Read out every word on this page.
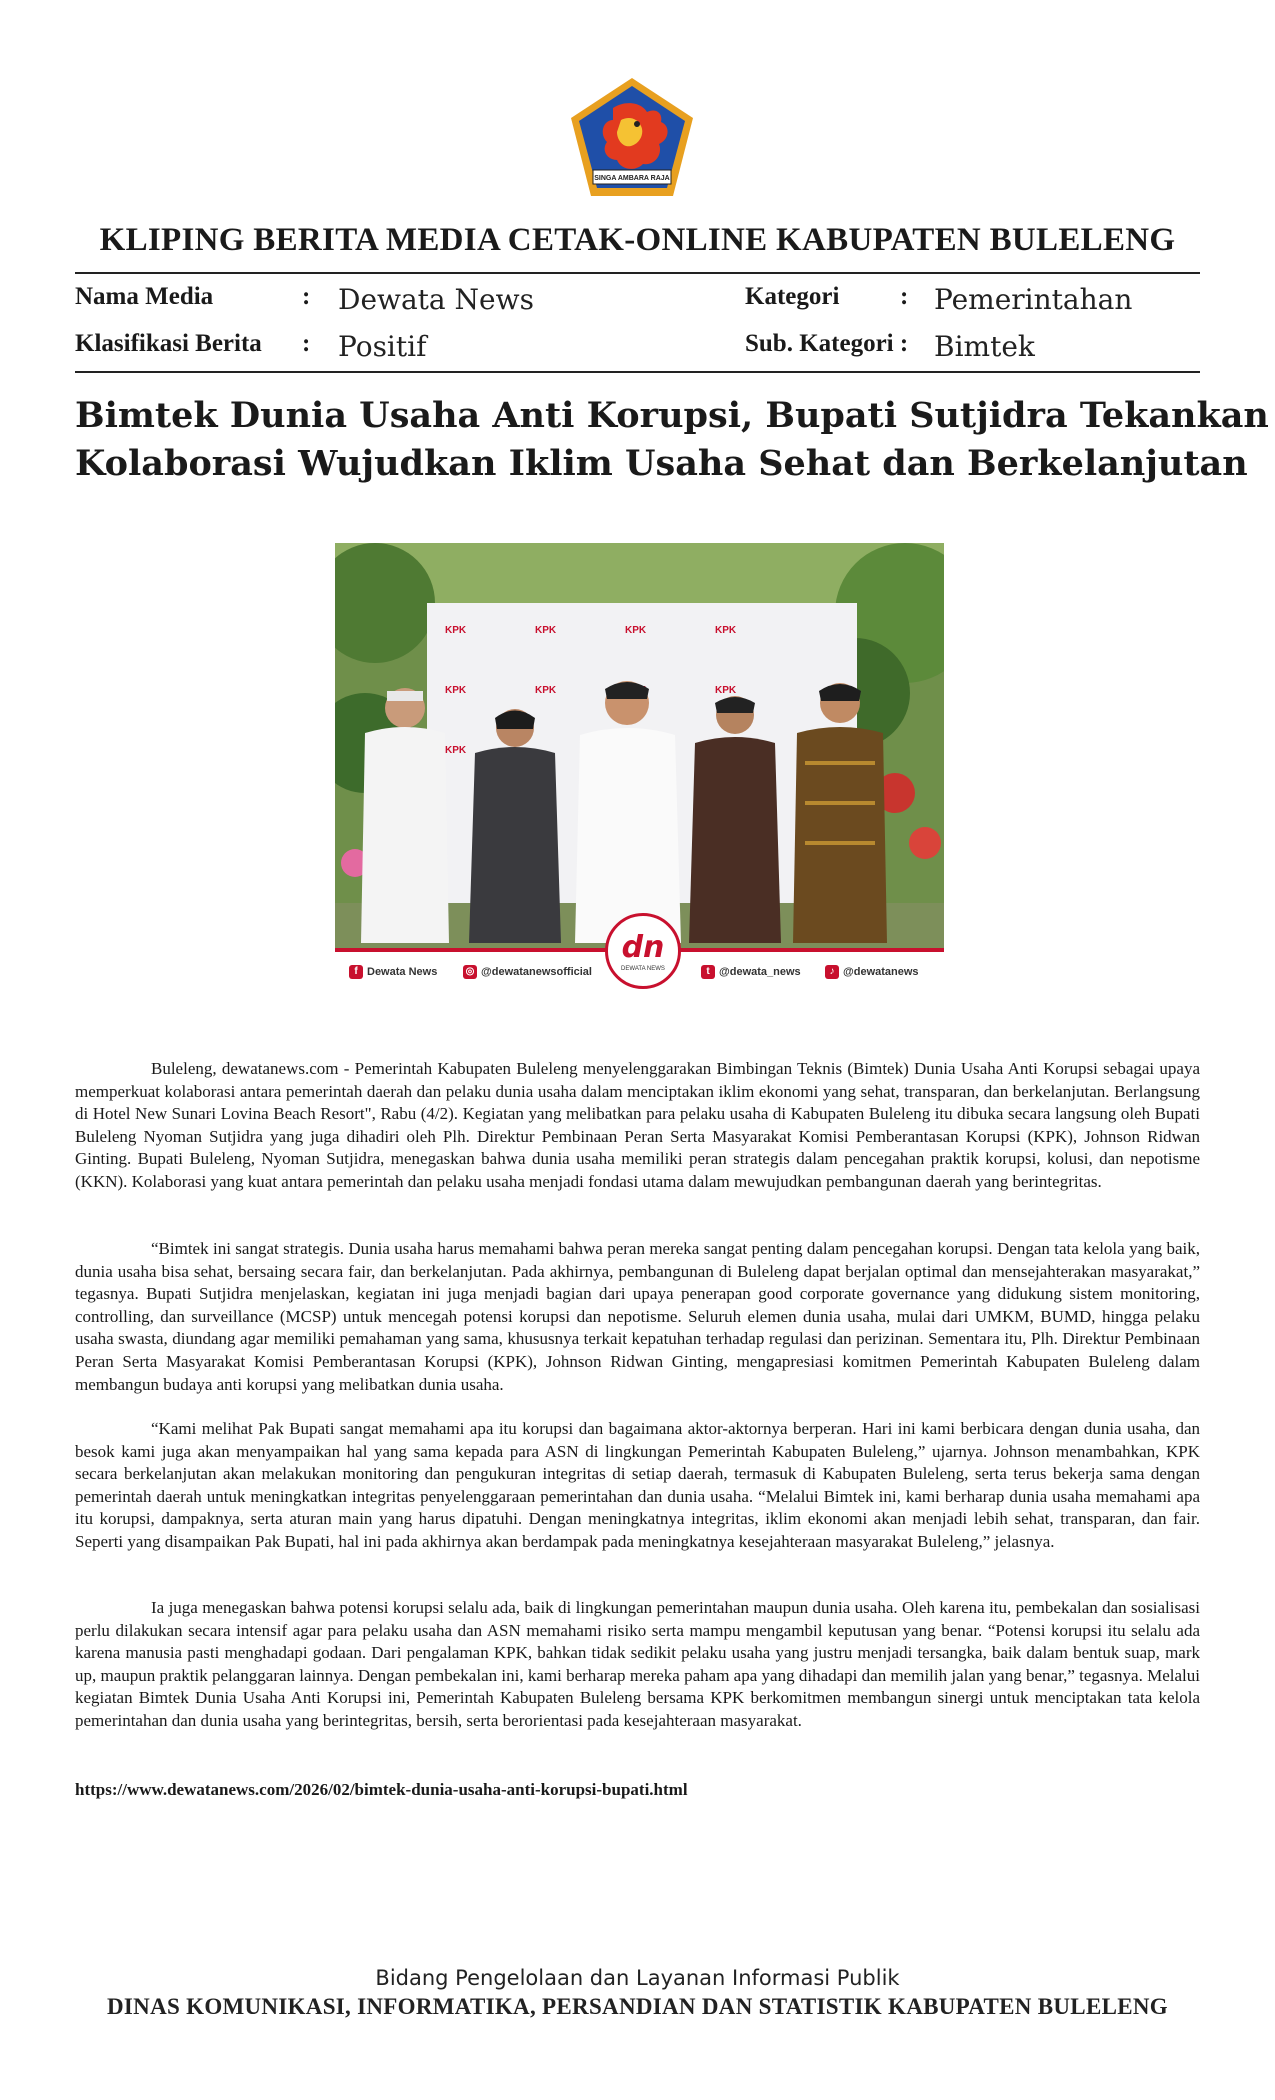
SINGA AMBARA RAJA
KLIPING BERITA MEDIA CETAK-ONLINE KABUPATEN BULELENG
Nama Media	: Dewata News
Klasifikasi Berita : Positif
Kategori : Pemerintahan
Sub. Kategori : Bimtek
Bimtek Dunia Usaha Anti Korupsi, Bupati Sutjidra Tekankan
Kolaborasi Wujudkan Iklim Usaha Sehat dan Berkelanjutan
KPK	KPK	KPK	KPK
KPK	KPK	KPK
KPK
f Dewata News	◎ @dewatanewsofficial	t @dewata_news	♪ @dewatanews
dn
DEWATA NEWS

Buleleng, dewatanews.com - Pemerintah Kabupaten Buleleng menyelenggarakan Bimbingan Teknis (Bimtek) Dunia Usaha Anti Korupsi sebagai upaya memperkuat kolaborasi antara pemerintah daerah dan pelaku dunia usaha dalam menciptakan iklim ekonomi yang sehat, transparan, dan berkelanjutan. Berlangsung di Hotel New Sunari Lovina Beach Resort", Rabu (4/2). Kegiatan yang melibatkan para pelaku usaha di Kabupaten Buleleng itu dibuka secara langsung oleh Bupati Buleleng Nyoman Sutjidra yang juga dihadiri oleh Plh. Direktur Pembinaan Peran Serta Masyarakat Komisi Pemberantasan Korupsi (KPK), Johnson Ridwan Ginting. Bupati Buleleng, Nyoman Sutjidra, menegaskan bahwa dunia usaha memiliki peran strategis dalam pencegahan praktik korupsi, kolusi, dan nepotisme (KKN). Kolaborasi yang kuat antara pemerintah dan pelaku usaha menjadi fondasi utama dalam mewujudkan pembangunan daerah yang berintegritas.

“Bimtek ini sangat strategis. Dunia usaha harus memahami bahwa peran mereka sangat penting dalam pencegahan korupsi. Dengan tata kelola yang baik, dunia usaha bisa sehat, bersaing secara fair, dan berkelanjutan. Pada akhirnya, pembangunan di Buleleng dapat berjalan optimal dan mensejahterakan masyarakat,” tegasnya. Bupati Sutjidra menjelaskan, kegiatan ini juga menjadi bagian dari upaya penerapan good corporate governance yang didukung sistem monitoring, controlling, dan surveillance (MCSP) untuk mencegah potensi korupsi dan nepotisme. Seluruh elemen dunia usaha, mulai dari UMKM, BUMD, hingga pelaku usaha swasta, diundang agar memiliki pemahaman yang sama, khususnya terkait kepatuhan terhadap regulasi dan perizinan. Sementara itu, Plh. Direktur Pembinaan Peran Serta Masyarakat Komisi Pemberantasan Korupsi (KPK), Johnson Ridwan Ginting, mengapresiasi komitmen Pemerintah Kabupaten Buleleng dalam membangun budaya anti korupsi yang melibatkan dunia usaha.

“Kami melihat Pak Bupati sangat memahami apa itu korupsi dan bagaimana aktor-aktornya berperan. Hari ini kami berbicara dengan dunia usaha, dan besok kami juga akan menyampaikan hal yang sama kepada para ASN di lingkungan Pemerintah Kabupaten Buleleng,” ujarnya. Johnson menambahkan, KPK secara berkelanjutan akan melakukan monitoring dan pengukuran integritas di setiap daerah, termasuk di Kabupaten Buleleng, serta terus bekerja sama dengan pemerintah daerah untuk meningkatkan integritas penyelenggaraan pemerintahan dan dunia usaha. “Melalui Bimtek ini, kami berharap dunia usaha memahami apa itu korupsi, dampaknya, serta aturan main yang harus dipatuhi. Dengan meningkatnya integritas, iklim ekonomi akan menjadi lebih sehat, transparan, dan fair. Seperti yang disampaikan Pak Bupati, hal ini pada akhirnya akan berdampak pada meningkatnya kesejahteraan masyarakat Buleleng,” jelasnya.

Ia juga menegaskan bahwa potensi korupsi selalu ada, baik di lingkungan pemerintahan maupun dunia usaha. Oleh karena itu, pembekalan dan sosialisasi perlu dilakukan secara intensif agar para pelaku usaha dan ASN memahami risiko serta mampu mengambil keputusan yang benar. “Potensi korupsi itu selalu ada karena manusia pasti menghadapi godaan. Dari pengalaman KPK, bahkan tidak sedikit pelaku usaha yang justru menjadi tersangka, baik dalam bentuk suap, mark up, maupun praktik pelanggaran lainnya. Dengan pembekalan ini, kami berharap mereka paham apa yang dihadapi dan memilih jalan yang benar,” tegasnya. Melalui kegiatan Bimtek Dunia Usaha Anti Korupsi ini, Pemerintah Kabupaten Buleleng bersama KPK berkomitmen membangun sinergi untuk menciptakan tata kelola pemerintahan dan dunia usaha yang berintegritas, bersih, serta berorientasi pada kesejahteraan masyarakat.

https://www.dewatanews.com/2026/02/bimtek-dunia-usaha-anti-korupsi-bupati.html
Bidang Pengelolaan dan Layanan Informasi Publik
DINAS KOMUNIKASI, INFORMATIKA, PERSANDIAN DAN STATISTIK KABUPATEN BULELENG
